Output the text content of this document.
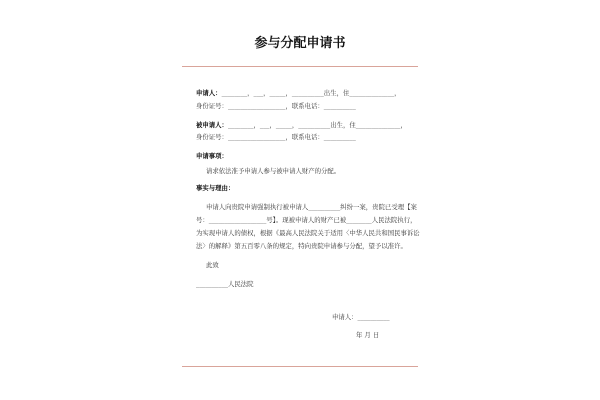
参与分配申请书
申请人：________，___，_____，__________出生，住______________，
身份证号：__________________，联系电话：__________
被申请人：________，___，_____，__________出生，住______________，
身份证号：__________________，联系电话：__________
申请事项：
请求依法准予申请人参与被申请人财产的分配。
事实与理由：
申请人向贵院申请强制执行被申请人__________纠纷一案，贵院已受理【案
号：__________________号】。现被申请人的财产已被________人民法院执行，
为实现申请人的债权，根据《最高人民法院关于适用〈中华人民共和国民事诉讼
法〉的解释》第五百零八条的规定，特向贵院申请参与分配，望予以准许。
此致
__________人民法院
申请人：__________
年 月 日
